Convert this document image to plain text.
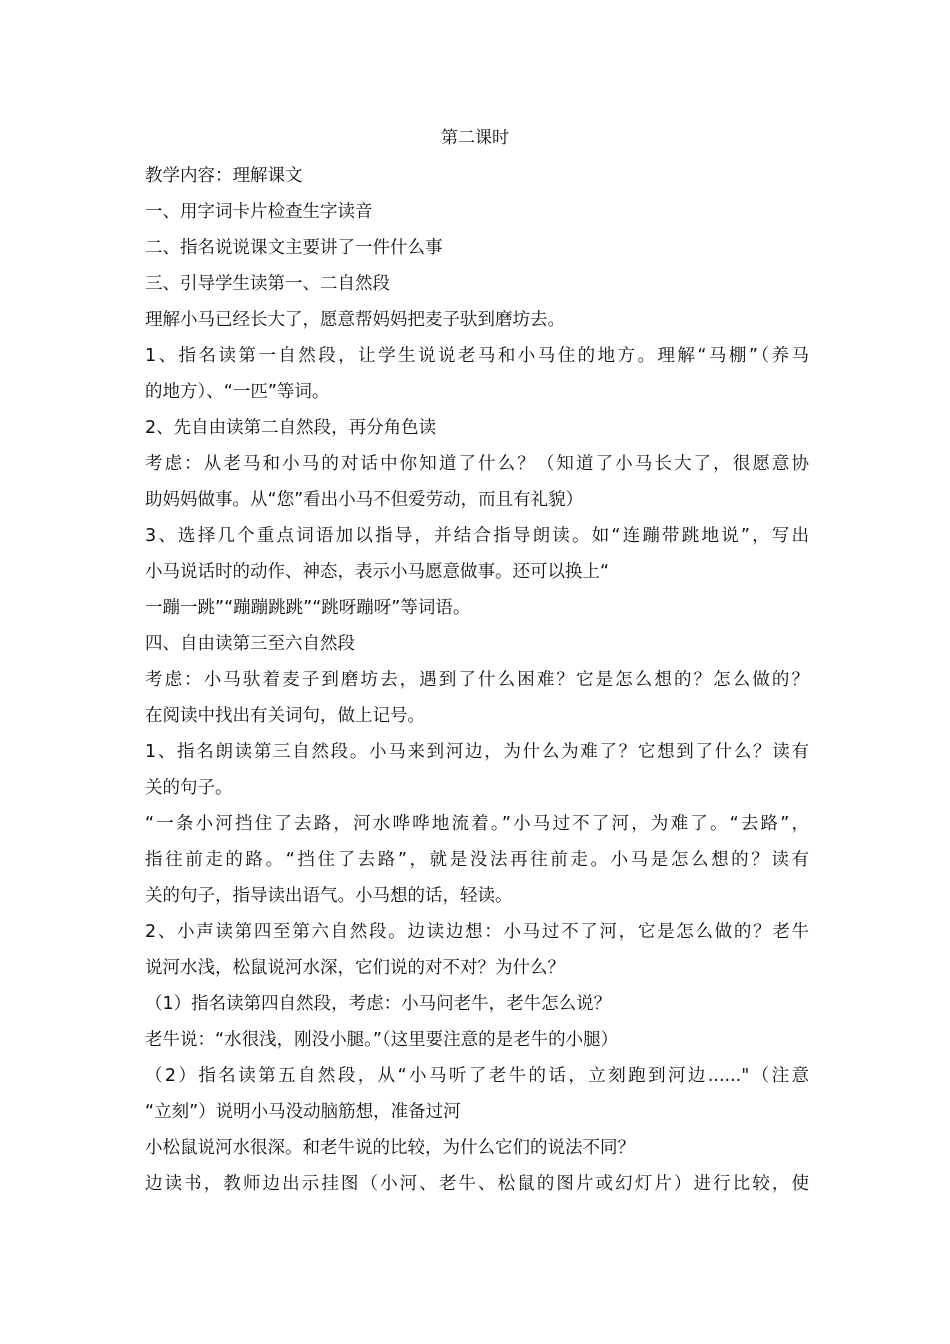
第二课时
教学内容：理解课文
一、用字词卡片检查生字读音
二、指名说说课文主要讲了一件什么事
三、引导学生读第一、二自然段
理解小马已经长大了，愿意帮妈妈把麦子驮到磨坊去。
1、指名读第一自然段，让学生说说老马和小马住的地方。理解“马棚”（养马
的地方）、“一匹”等词。
2、先自由读第二自然段，再分角色读
考虑：从老马和小马的对话中你知道了什么？（知道了小马长大了，很愿意协
助妈妈做事。从“您”看出小马不但爱劳动，而且有礼貌）
3、选择几个重点词语加以指导，并结合指导朗读。如“连蹦带跳地说”，写出
小马说话时的动作、神态，表示小马愿意做事。还可以换上“
一蹦一跳”“蹦蹦跳跳”“跳呀蹦呀”等词语。
四、自由读第三至六自然段
考虑：小马驮着麦子到磨坊去，遇到了什么困难？它是怎么想的？怎么做的？
在阅读中找出有关词句，做上记号。
1、指名朗读第三自然段。小马来到河边，为什么为难了？它想到了什么？读有
关的句子。
“一条小河挡住了去路，河水哗哗地流着。”小马过不了河，为难了。“去路”，
指往前走的路。“挡住了去路”，就是没法再往前走。小马是怎么想的？读有
关的句子，指导读出语气。小马想的话，轻读。
2、小声读第四至第六自然段。边读边想：小马过不了河，它是怎么做的？老牛
说河水浅，松鼠说河水深，它们说的对不对？为什么？
（1）指名读第四自然段，考虑：小马问老牛，老牛怎么说？
老牛说：“水很浅，刚没小腿。”（这里要注意的是老牛的小腿）
（2）指名读第五自然段，从“小马听了老牛的话，立刻跑到河边......"（注意
“立刻”）说明小马没动脑筋想，准备过河
小松鼠说河水很深。和老牛说的比较，为什么它们的说法不同？
边读书，教师边出示挂图（小河、老牛、松鼠的图片或幻灯片）进行比较，使
